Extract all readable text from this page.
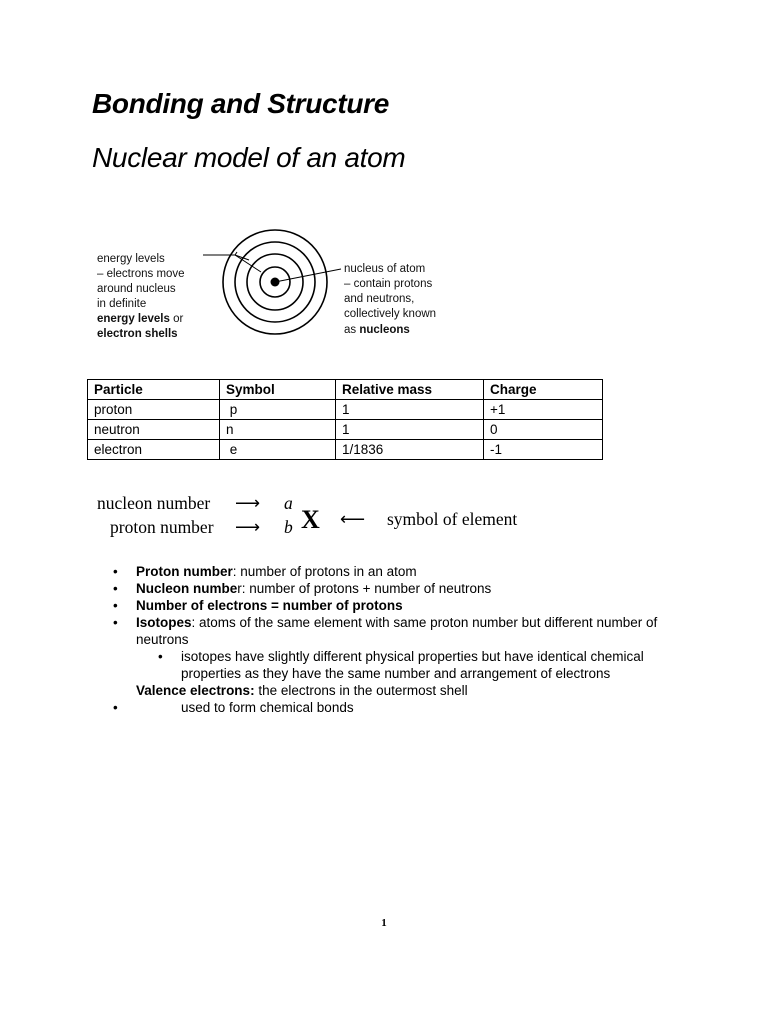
Bonding and Structure
Nuclear model of an atom
energy levels
– electrons move
around nucleus
in definite
energy levels or
electron shells
nucleus of atom
– contain protons
and neutrons,
collectively known
as nucleons
Particle	Symbol	Relative mass	Charge
proton	p	1	+1
neutron	n	1	0
electron	e	1/1836	-1
nucleon number ⟶ a
proton number ⟶ b X ⟵ symbol of element
• Proton number: number of protons in an atom
• Nucleon number: number of protons + number of neutrons
• Number of electrons = number of protons
• Isotopes: atoms of the same element with same proton number but different number of neutrons
• isotopes have slightly different physical properties but have identical chemical properties as they have the same number and arrangement of electrons
Valence electrons: the electrons in the outermost shell
•	used to form chemical bonds
1
